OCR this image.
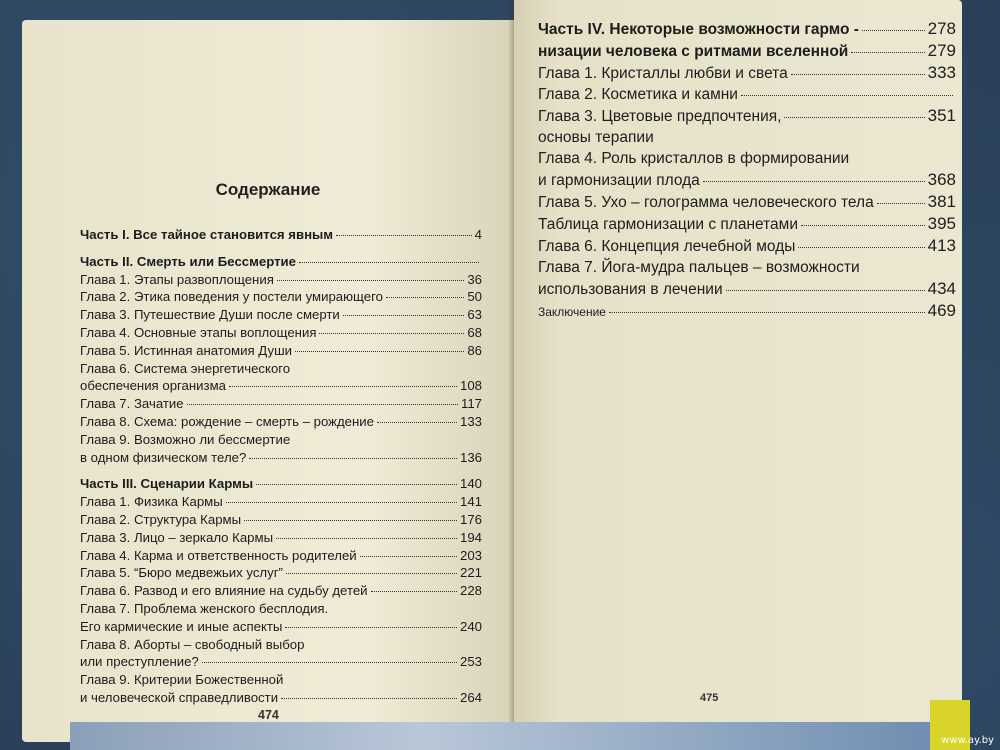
Содержание
Часть I. Все тайное становится явным	4
Часть II. Смерть или Бессмертие
Глава 1. Этапы развоплощения	36
Глава 2. Этика поведения у постели умирающего	50
Глава 3. Путешествие Души после смерти	63
Глава 4. Основные этапы воплощения	68
Глава 5. Истинная анатомия Души	86
Глава 6. Система энергетического
обеспечения организма	108
Глава 7. Зачатие	117
Глава 8. Схема: рождение – смерть – рождение	133
Глава 9. Возможно ли бессмертие
в одном физическом теле?	136
Часть III. Сценарии Кармы	140
Глава 1. Физика Кармы	141
Глава 2. Структура Кармы	176
Глава 3. Лицо – зеркало Кармы	194
Глава 4. Карма и ответственность родителей	203
Глава 5. “Бюро медвежьих услуг”	221
Глава 6. Развод и его влияние на судьбу детей	228
Глава 7. Проблема женского бесплодия.
Его кармические и иные аспекты	240
Глава 8. Аборты – свободный выбор
или преступление?	253
Глава 9. Критерии Божественной
и человеческой справедливости	264
474
Часть IV. Некоторые возможности гармо -	278
низации человека с ритмами вселенной	279
Глава 1. Кристаллы любви и света	333
Глава 2. Косметика и камни
Глава 3. Цветовые предпочтения,	351
основы терапии
Глава 4. Роль кристаллов в формировании
и гармонизации плода	368
Глава 5. Ухо – голограмма человеческого тела	381
Таблица гармонизации с планетами	395
Глава 6. Концепция лечебной моды	413
Глава 7. Йога-мудра пальцев – возможности
использования в лечении	434
Заключение	469
475
www.ay.by
